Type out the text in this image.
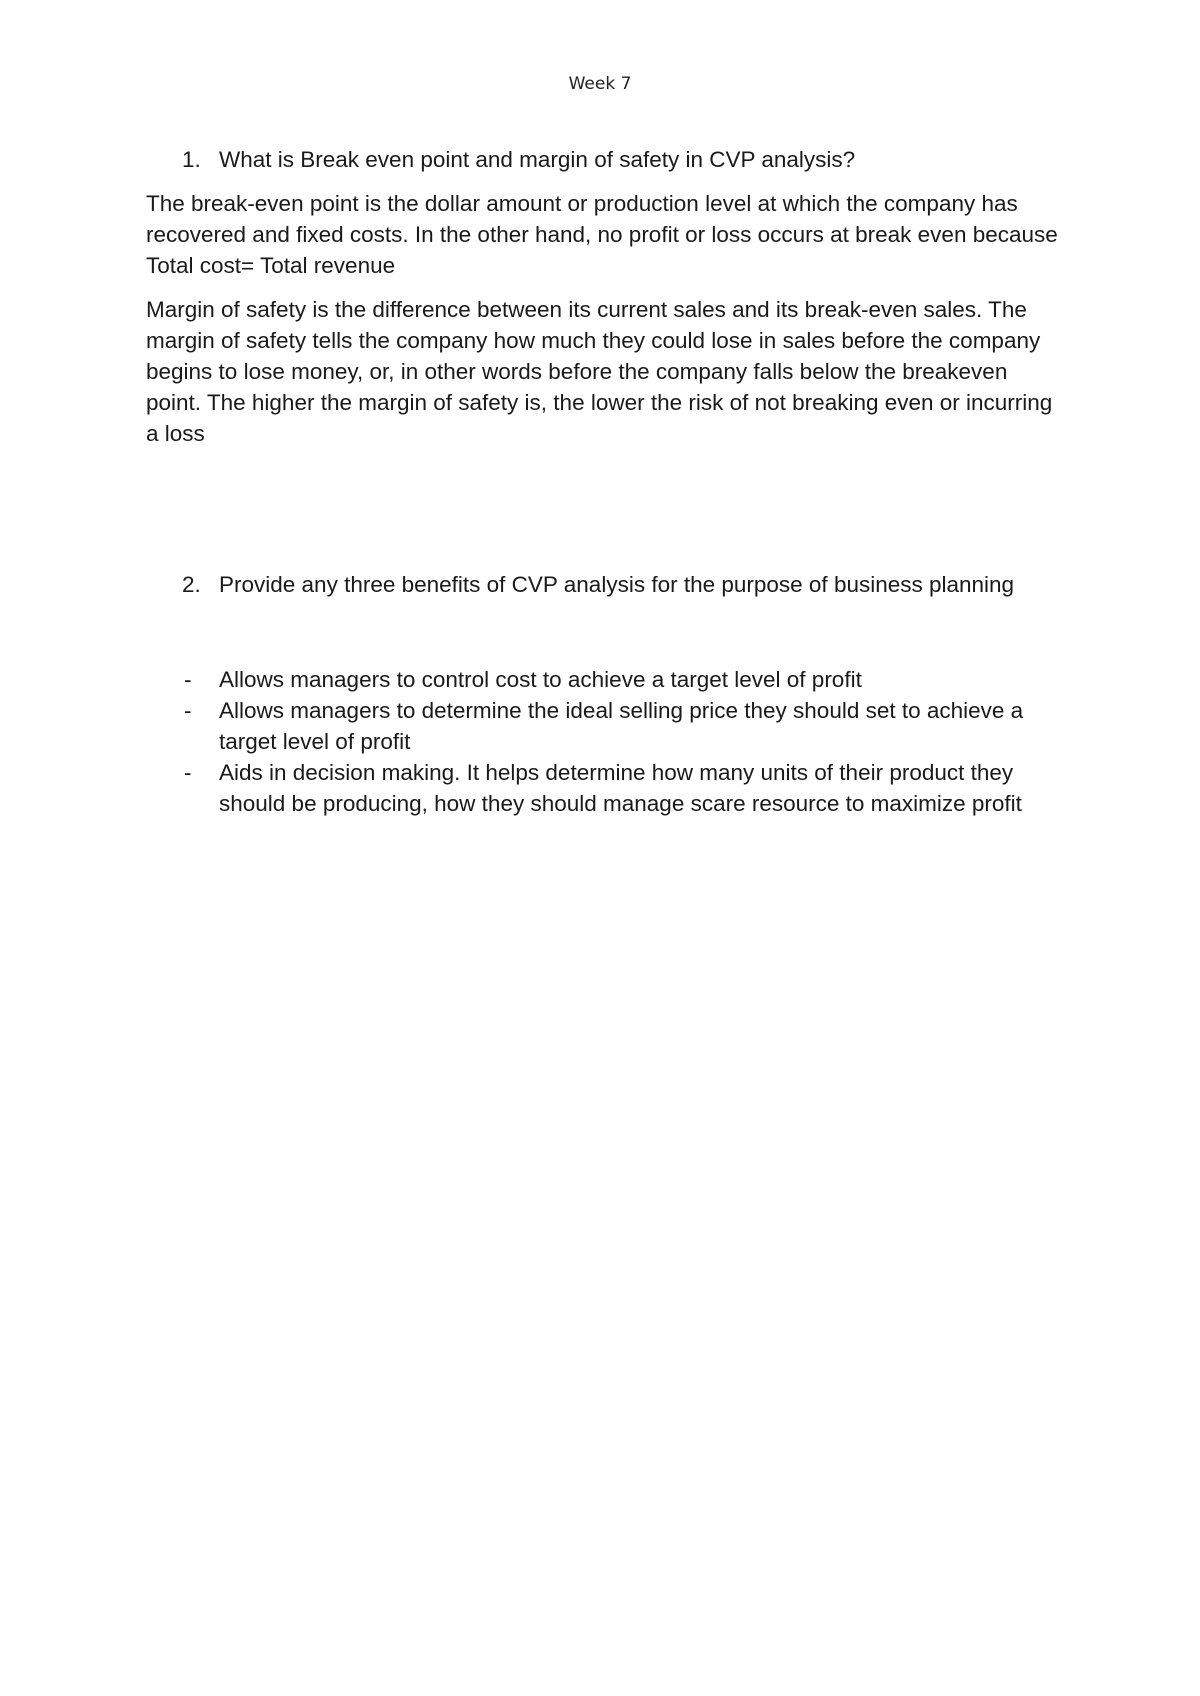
Week 7

1. What is Break even point and margin of safety in CVP analysis?

The break-even point is the dollar amount or production level at which the company has recovered and fixed costs. In the other hand, no profit or loss occurs at break even because Total cost= Total revenue

Margin of safety is the difference between its current sales and its break-even sales. The margin of safety tells the company how much they could lose in sales before the company begins to lose money, or, in other words before the company falls below the breakeven point. The higher the margin of safety is, the lower the risk of not breaking even or incurring a loss

2. Provide any three benefits of CVP analysis for the purpose of business planning

- Allows managers to control cost to achieve a target level of profit
- Allows managers to determine the ideal selling price they should set to achieve a target level of profit
- Aids in decision making. It helps determine how many units of their product they should be producing, how they should manage scare resource to maximize profit
